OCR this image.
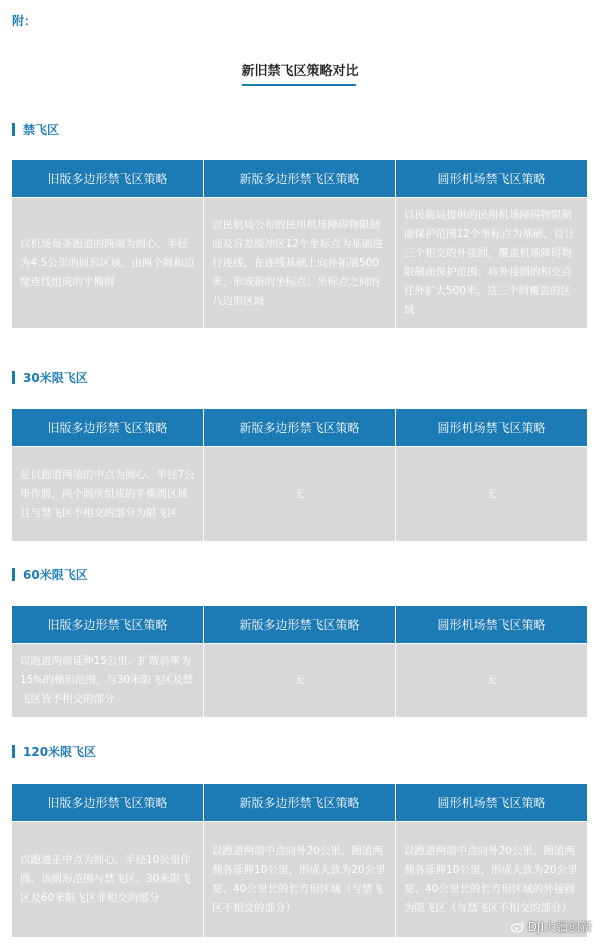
附：
新旧禁飞区策略对比
禁飞区
旧版多边形禁飞区策略	新版多边形禁飞区策略	圆形机场禁飞区策略
以机场每条跑道的两端为圆心、半径为4.5公里的圆形区域，由两个圆和边缘连线组成的平椭圆	以民航局公布的民用机场障碍物限制面及容差缓冲区12个坐标点为基础进行连线，在连线基础上向外拓展500米，形成新的坐标点；坐标点之间的八边形区域	以民航局提供的民用机场障碍物限制面保护范围12个坐标点为基础，设计三个相交的外接圆，覆盖机场障碍物限制面保护范围；将外接圆的相交点往外扩大500米。这三个圆覆盖的区域
30米限飞区
旧版多边形禁飞区策略	新版多边形禁飞区策略	圆形机场禁飞区策略
是以跑道两端的中点为圆心、半径7公里作圆，两个圆所组成的平椭圆区域且与禁飞区不相交的部分为限飞区	无	无
60米限飞区
旧版多边形禁飞区策略	新版多边形禁飞区策略	圆形机场禁飞区策略
以跑道两端延伸15公里、扩散斜率为15%的梯形范围，与30米限飞区及禁飞区皆不相交的部分	无	无
120米限飞区
旧版多边形禁飞区策略	新版多边形禁飞区策略	圆形机场禁飞区策略
以跑道正中点为圆心、半径10公里作圆，该圆形范围与禁飞区、30米限飞区及60米限飞区非相交的部分	以跑道两端中点向外20公里，跑道两侧各延伸10公里，形成大致为20公里宽、40公里长的长方形区域（与禁飞区不相交的部分）	以跑道两端中点向外20公里，跑道两侧各延伸10公里，形成大致为20公里宽、40公里长的长方形区域的外接圆为限飞区（与禁飞区不相交的部分）
DJI大疆创新
